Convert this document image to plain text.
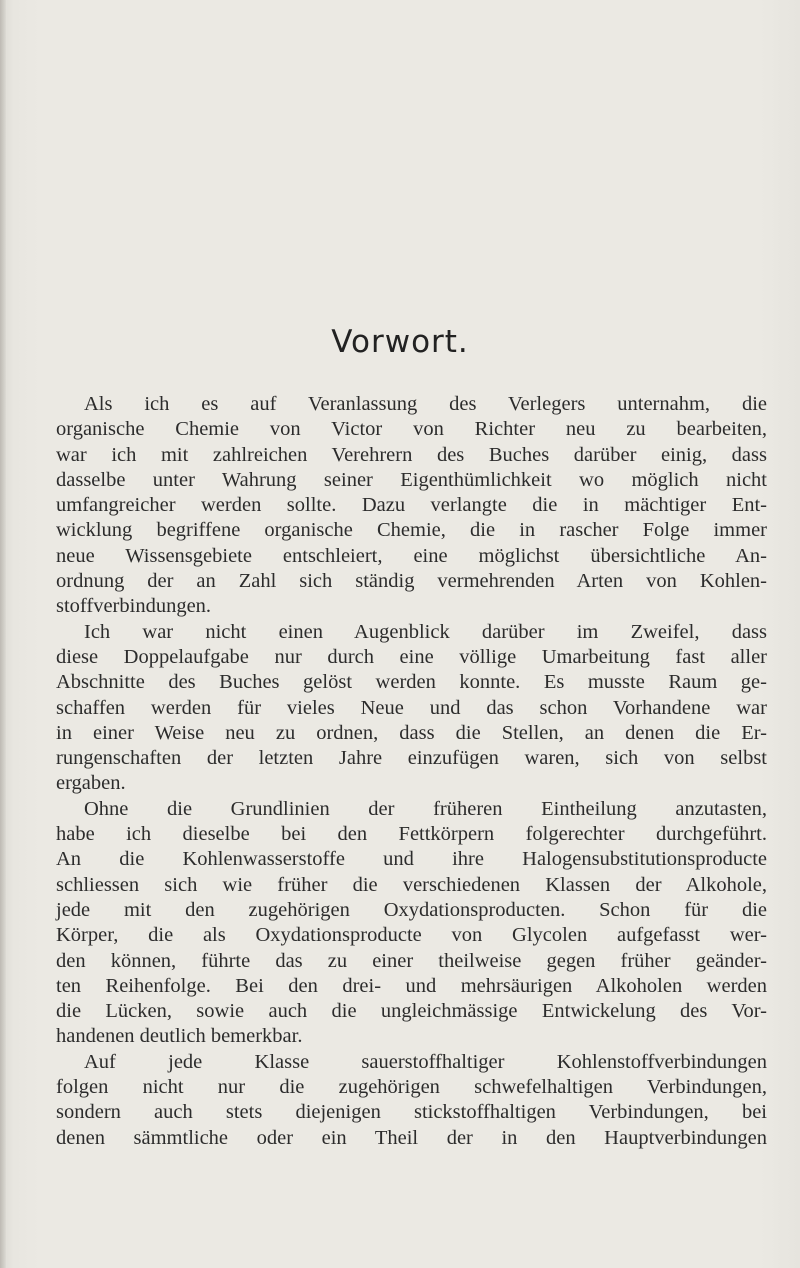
Vorwort.
Als ich es auf Veranlassung des Verlegers unternahm, die
organische Chemie von Victor von Richter neu zu bearbeiten,
war ich mit zahlreichen Verehrern des Buches darüber einig, dass
dasselbe unter Wahrung seiner Eigenthümlichkeit wo möglich nicht
umfangreicher werden sollte. Dazu verlangte die in mächtiger Ent-
wicklung begriffene organische Chemie, die in rascher Folge immer
neue Wissensgebiete entschleiert, eine möglichst übersichtliche An-
ordnung der an Zahl sich ständig vermehrenden Arten von Kohlen-
stoffverbindungen.
Ich war nicht einen Augenblick darüber im Zweifel, dass
diese Doppelaufgabe nur durch eine völlige Umarbeitung fast aller
Abschnitte des Buches gelöst werden konnte. Es musste Raum ge-
schaffen werden für vieles Neue und das schon Vorhandene war
in einer Weise neu zu ordnen, dass die Stellen, an denen die Er-
rungenschaften der letzten Jahre einzufügen waren, sich von selbst
ergaben.
Ohne die Grundlinien der früheren Eintheilung anzutasten,
habe ich dieselbe bei den Fettkörpern folgerechter durchgeführt.
An die Kohlenwasserstoffe und ihre Halogensubstitutionsproducte
schliessen sich wie früher die verschiedenen Klassen der Alkohole,
jede mit den zugehörigen Oxydationsproducten. Schon für die
Körper, die als Oxydationsproducte von Glycolen aufgefasst wer-
den können, führte das zu einer theilweise gegen früher geänder-
ten Reihenfolge. Bei den drei- und mehrsäurigen Alkoholen werden
die Lücken, sowie auch die ungleichmässige Entwickelung des Vor-
handenen deutlich bemerkbar.
Auf jede Klasse sauerstoffhaltiger Kohlenstoffverbindungen
folgen nicht nur die zugehörigen schwefelhaltigen Verbindungen,
sondern auch stets diejenigen stickstoffhaltigen Verbindungen, bei
denen sämmtliche oder ein Theil der in den Hauptverbindungen
